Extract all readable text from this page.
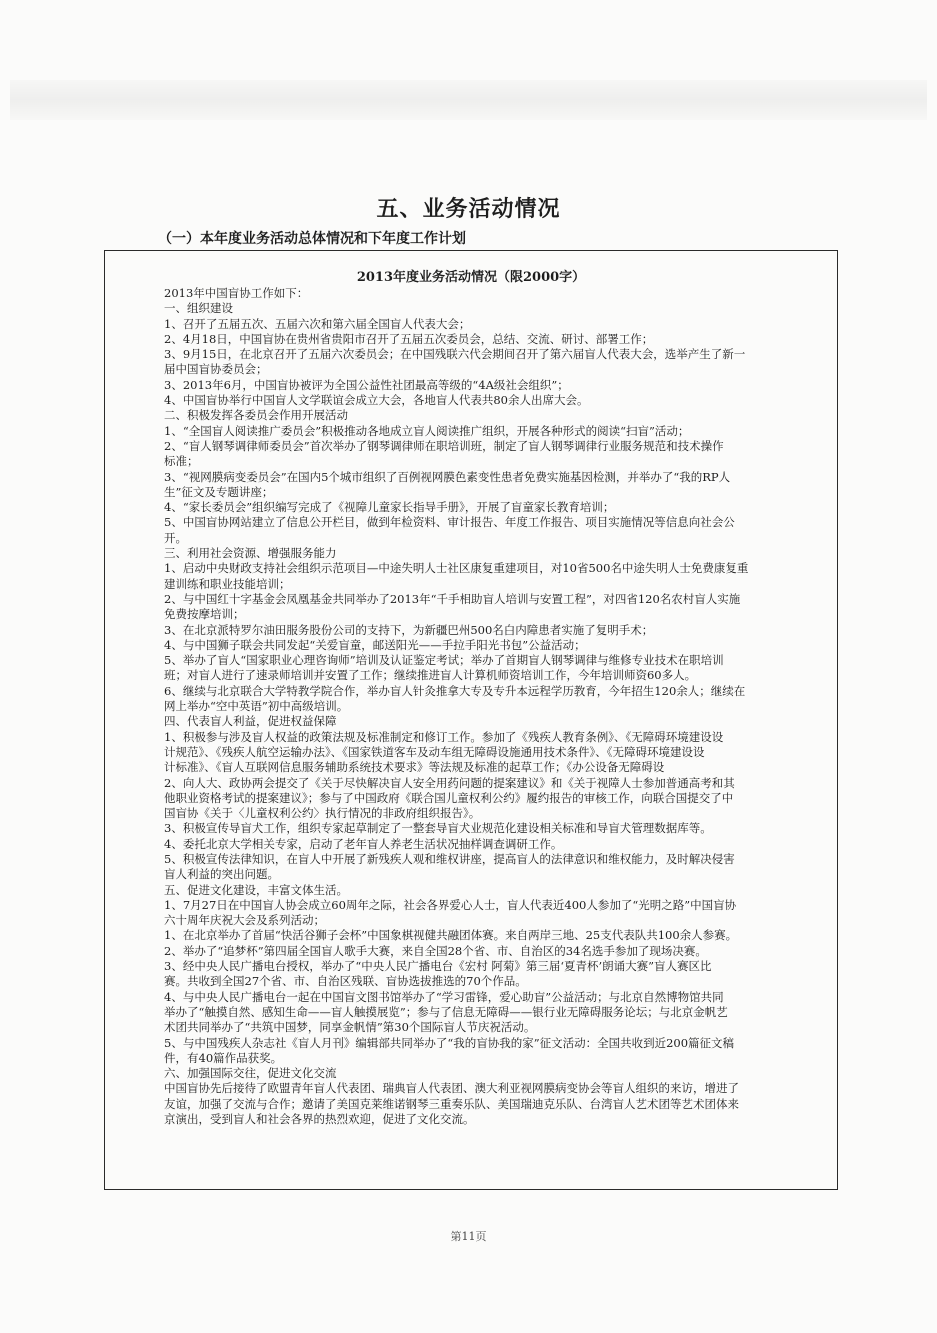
五、业务活动情况
（一）本年度业务活动总体情况和下年度工作计划
2013年度业务活动情况（限2000字）
2013年中国盲协工作如下：
一、组织建设
1、召开了五届五次、五届六次和第六届全国盲人代表大会；
2、4月18日，中国盲协在贵州省贵阳市召开了五届五次委员会，总结、交流、研讨、部署工作；
3、9月15日，在北京召开了五届六次委员会；在中国残联六代会期间召开了第六届盲人代表大会，选举产生了新一
届中国盲协委员会；
3、2013年6月，中国盲协被评为全国公益性社团最高等级的“4A级社会组织”；
4、中国盲协举行中国盲人文学联谊会成立大会，各地盲人代表共80余人出席大会。
二、积极发挥各委员会作用开展活动
1、“全国盲人阅读推广委员会”积极推动各地成立盲人阅读推广组织，开展各种形式的阅读“扫盲”活动；
2、“盲人钢琴调律师委员会”首次举办了钢琴调律师在职培训班，制定了盲人钢琴调律行业服务规范和技术操作
标准；
3、“视网膜病变委员会”在国内5个城市组织了百例视网膜色素变性患者免费实施基因检测，并举办了“我的RP人
生”征文及专题讲座；
4、“家长委员会”组织编写完成了《视障儿童家长指导手册》，开展了盲童家长教育培训；
5、中国盲协网站建立了信息公开栏目，做到年检资料、审计报告、年度工作报告、项目实施情况等信息向社会公
开。
三、利用社会资源、增强服务能力
1、启动中央财政支持社会组织示范项目—中途失明人士社区康复重建项目，对10省500名中途失明人士免费康复重
建训练和职业技能培训；
2、与中国红十字基金会凤凰基金共同举办了2013年“千手相助盲人培训与安置工程”，对四省120名农村盲人实施
免费按摩培训；
3、在北京派特罗尔油田服务股份公司的支持下，为新疆巴州500名白内障患者实施了复明手术；
4、与中国狮子联会共同发起“关爱盲童，邮送阳光——手拉手阳光书包”公益活动；
5、举办了盲人“国家职业心理咨询师”培训及认证鉴定考试；举办了首期盲人钢琴调律与维修专业技术在职培训
班；对盲人进行了速录师培训并安置了工作；继续推进盲人计算机师资培训工作，今年培训师资60多人。
6、继续与北京联合大学特教学院合作，举办盲人针灸推拿大专及专升本远程学历教育，今年招生120余人；继续在
网上举办“空中英语”初中高级培训。
四、代表盲人利益，促进权益保障
1、积极参与涉及盲人权益的政策法规及标准制定和修订工作。参加了《残疾人教育条例》、《无障碍环境建设设
计规范》、《残疾人航空运输办法》、《国家铁道客车及动车组无障碍设施通用技术条件》、《无障碍环境建设设
计标准》、《盲人互联网信息服务辅助系统技术要求》等法规及标准的起草工作；《办公设备无障碍设
2、向人大、政协两会提交了《关于尽快解决盲人安全用药问题的提案建议》和《关于视障人士参加普通高考和其
他职业资格考试的提案建议》；参与了中国政府《联合国儿童权利公约》履约报告的审核工作，向联合国提交了中
国盲协《关于〈儿童权利公约〉执行情况的非政府组织报告》。
3、积极宣传导盲犬工作，组织专家起草制定了一整套导盲犬业规范化建设相关标准和导盲犬管理数据库等。
4、委托北京大学相关专家，启动了老年盲人养老生活状况抽样调查调研工作。
5、积极宣传法律知识，在盲人中开展了新残疾人观和维权讲座，提高盲人的法律意识和维权能力，及时解决侵害
盲人利益的突出问题。
五、促进文化建设，丰富文体生活。
1、7月27日在中国盲人协会成立60周年之际，社会各界爱心人士，盲人代表近400人参加了“光明之路”中国盲协
六十周年庆祝大会及系列活动；
1、在北京举办了首届“快活谷狮子会杯”中国象棋视健共融团体赛。来自两岸三地、25支代表队共100余人参赛。
2、举办了“追梦杯”第四届全国盲人歌手大赛，来自全国28个省、市、自治区的34名选手参加了现场决赛。
3、经中央人民广播电台授权，举办了“中央人民广播电台《宏村 阿菊》第三届‘夏青杯’朗诵大赛”盲人赛区比
赛。共收到全国27个省、市、自治区残联、盲协选拔推选的70个作品。
4、与中央人民广播电台一起在中国盲文图书馆举办了“学习雷锋，爱心助盲”公益活动；与北京自然博物馆共同
举办了“触摸自然、感知生命——盲人触摸展览”；参与了信息无障碍——银行业无障碍服务论坛；与北京金帆艺
术团共同举办了“共筑中国梦，同享金帆情”第30个国际盲人节庆祝活动。
5、与中国残疾人杂志社《盲人月刊》编辑部共同举办了“我的盲协我的家”征文活动：全国共收到近200篇征文稿
件，有40篇作品获奖。
六、加强国际交往，促进文化交流
中国盲协先后接待了欧盟青年盲人代表团、瑞典盲人代表团、澳大利亚视网膜病变协会等盲人组织的来访，增进了
友谊，加强了交流与合作；邀请了美国克莱维诺钢琴三重奏乐队、美国瑞迪克乐队、台湾盲人艺术团等艺术团体来
京演出，受到盲人和社会各界的热烈欢迎，促进了文化交流。
第11页
